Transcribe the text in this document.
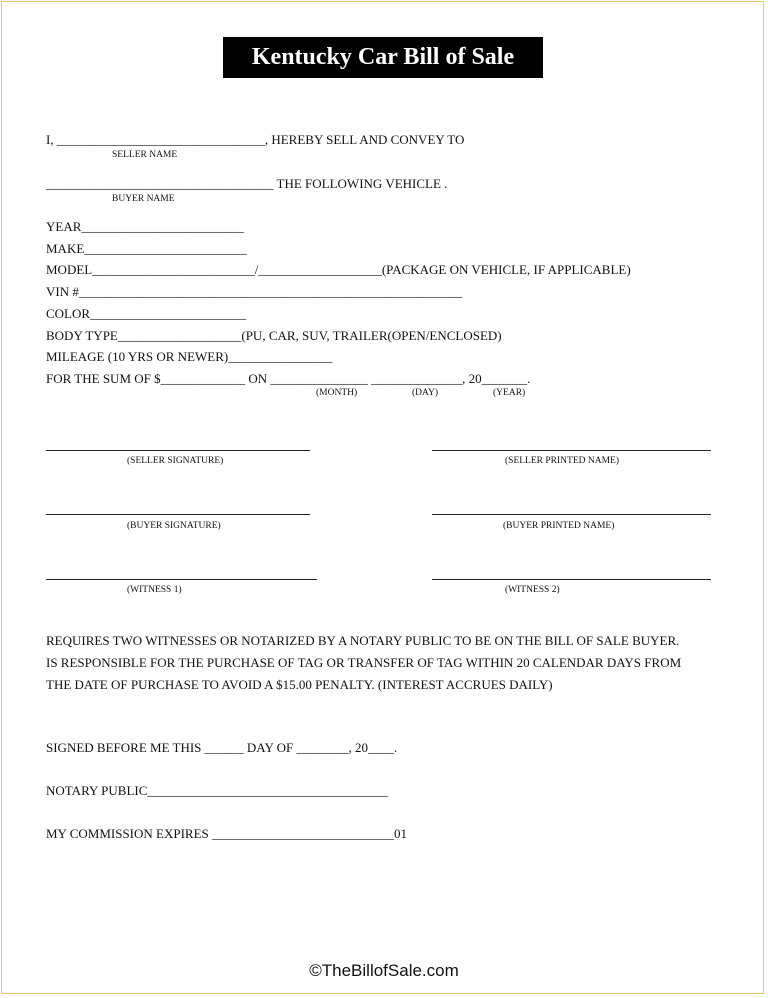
Kentucky Car Bill of Sale
I, ________________________________, HEREBY SELL AND CONVEY TO
SELLER NAME
___________________________________ THE FOLLOWING VEHICLE .
BUYER NAME
YEAR_________________________
MAKE_________________________
MODEL_________________________/___________________(PACKAGE ON VEHICLE, IF APPLICABLE)
VIN #___________________________________________________________
COLOR________________________
BODY TYPE___________________(PU, CAR, SUV, TRAILER(OPEN/ENCLOSED)
MILEAGE (10 YRS OR NEWER)________________
FOR THE SUM OF $_____________ ON _______________ ______________, 20_______.
(MONTH)	(DAY)	(YEAR)
(SELLER SIGNATURE)	(SELLER PRINTED NAME)
(BUYER SIGNATURE)	(BUYER PRINTED NAME)
(WITNESS 1)	(WITNESS 2)
REQUIRES TWO WITNESSES OR NOTARIZED BY A NOTARY PUBLIC TO BE ON THE BILL OF SALE BUYER.
IS RESPONSIBLE FOR THE PURCHASE OF TAG OR TRANSFER OF TAG WITHIN 20 CALENDAR DAYS FROM
THE DATE OF PURCHASE TO AVOID A $15.00 PENALTY. (INTEREST ACCRUES DAILY)
SIGNED BEFORE ME THIS ______ DAY OF ________, 20____.
NOTARY PUBLIC_____________________________________
MY COMMISSION EXPIRES ____________________________01
©TheBillofSale.com
